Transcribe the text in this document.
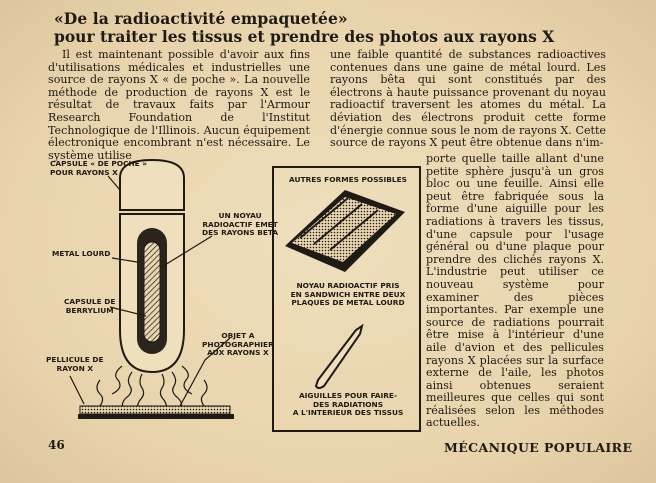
«De la radioactivité empaquetée»
pour traiter les tissus et prendre des photos aux rayons X

Il est maintenant possible d'avoir aux fins d'utilisations médicales et industrielles une source de rayons X « de poche ». La nouvelle méthode de production de rayons X est le résultat de travaux faits par l'Armour Research Foundation de l'Institut Technologique de l'Illinois. Aucun équipement électronique encombrant n'est nécessaire. Le système utilise

une faible quantité de substances radioactives contenues dans une gaine de métal lourd. Les rayons bêta qui sont constitués par des électrons à haute puissance provenant du noyau radioactif traversent les atomes du métal. La déviation des électrons produit cette forme d'énergie connue sous le nom de rayons X. Cette source de rayons X peut être obtenue dans n'im-

porte quelle taille allant d'une petite sphère jusqu'à un gros bloc ou une feuille. Ainsi elle peut être fabriquée sous la forme d'une aiguille pour les radiations à travers les tissus, d'une capsule pour l'usage général ou d'une plaque pour prendre des clichés rayons X. L'industrie peut utiliser ce nouveau système pour examiner des pièces importantes. Par exemple une source de radiations pourrait être mise à l'intérieur d'une aile d'avion et des pellicules rayons X placées sur la surface externe de l'aile, les photos ainsi obtenues seraient meilleures que celles qui sont réalisées selon les méthodes actuelles.
CAPSULE « DE POCHE »
POUR RAYONS X
UN NOYAU
RADIOACTIF EMET
DES RAYONS BETA
METAL LOURD
CAPSULE DE
BERRYLIUM
OBJET A
PHOTOGRAPHIER
AUX RAYONS X
PELLICULE DE
RAYON X
AUTRES FORMES POSSIBLES
NOYAU RADIOACTIF PRIS
EN SANDWICH ENTRE DEUX
PLAQUES DE METAL LOURD
AIGUILLES POUR FAIRE-
DES RADIATIONS
A L'INTERIEUR DES TISSUS
46	MÉCANIQUE POPULAIRE
